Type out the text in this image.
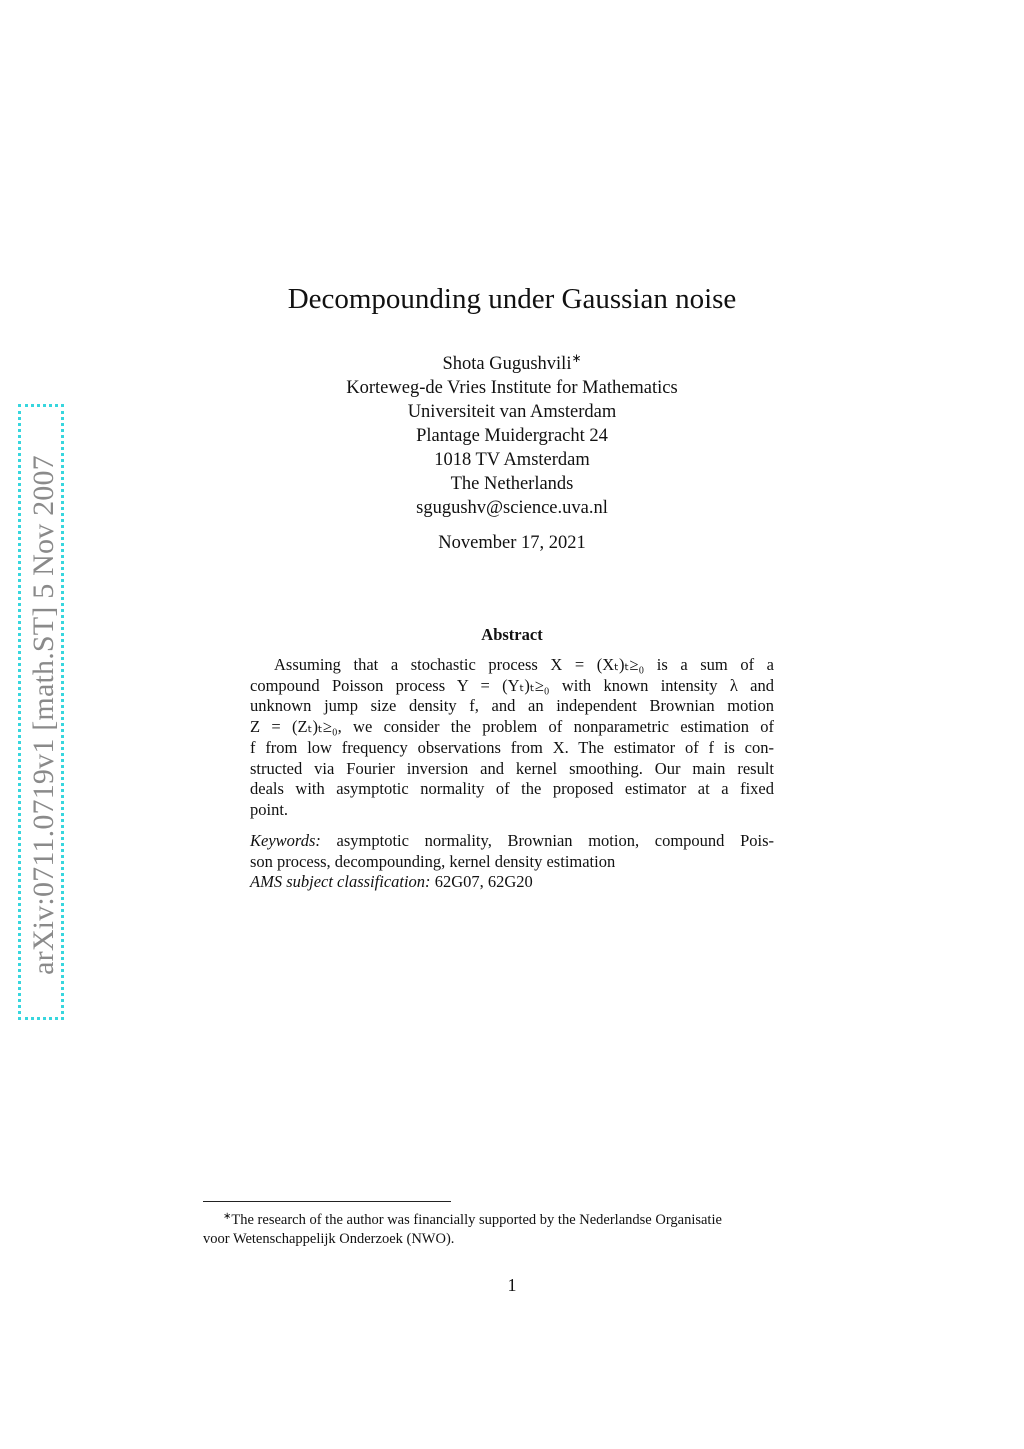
arXiv:0711.0719v1 [math.ST] 5 Nov 2007
Decompounding under Gaussian noise
Shota Gugushvili∗
Korteweg-de Vries Institute for Mathematics
Universiteit van Amsterdam
Plantage Muidergracht 24
1018 TV Amsterdam
The Netherlands
sgugushv@science.uva.nl
November 17, 2021
Abstract
Assuming that a stochastic process X = (Xₜ)ₜ≥₀ is a sum of a
compound Poisson process Y = (Yₜ)ₜ≥₀ with known intensity λ and
unknown jump size density f, and an independent Brownian motion
Z = (Zₜ)ₜ≥₀, we consider the problem of nonparametric estimation of
f from low frequency observations from X. The estimator of f is con-
structed via Fourier inversion and kernel smoothing. Our main result
deals with asymptotic normality of the proposed estimator at a fixed
point.
Keywords: asymptotic normality, Brownian motion, compound Pois-
son process, decompounding, kernel density estimation
AMS subject classification: 62G07, 62G20
∗The research of the author was financially supported by the Nederlandse Organisatie
voor Wetenschappelijk Onderzoek (NWO).
1
